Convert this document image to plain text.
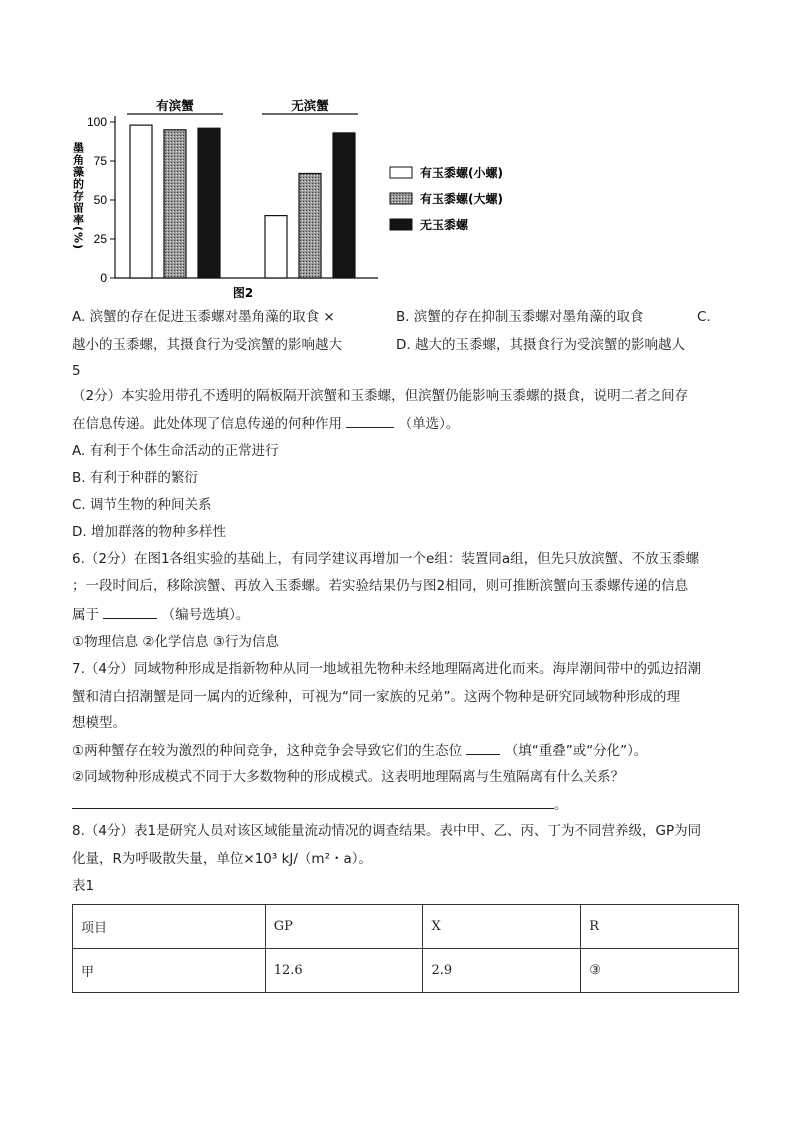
0
25
50
75
100
墨角藻的存留率(%)
有滨蟹	无滨蟹
图2
有玉黍螺(小螺)
有玉黍螺(大螺)
无玉黍螺
A. 滨蟹的存在促进玉黍螺对墨角藻的取食 ×	B. 滨蟹的存在抑制玉黍螺对墨角藻的取食	C.
越小的玉黍螺，其摄食行为受滨蟹的影响越大	D. 越大的玉黍螺，其摄食行为受滨蟹的影响越人
5
（2分）本实验用带孔不透明的隔板隔开滨蟹和玉黍螺，但滨蟹仍能影响玉黍螺的摄食，说明二者之间存
在信息传递。此处体现了信息传递的何种作用	（单选）。
A. 有利于个体生命活动的正常进行
B. 有利于种群的繁衍
C. 调节生物的种间关系
D. 增加群落的物种多样性
6.（2分）在图1各组实验的基础上，有同学建议再增加一个e组：装置同a组，但先只放滨蟹、不放玉黍螺
；一段时间后，移除滨蟹、再放入玉黍螺。若实验结果仍与图2相同，则可推断滨蟹向玉黍螺传递的信息
属于	（编号选填）。
①物理信息 ②化学信息 ③行为信息
7.（4分）同域物种形成是指新物种从同一地域祖先物种未经地理隔离进化而来。海岸潮间带中的弧边招潮
蟹和清白招潮蟹是同一属内的近缘种，可视为“同一家族的兄弟”。这两个物种是研究同域物种形成的理
想模型。
①两种蟹存在较为激烈的种间竞争，这种竞争会导致它们的生态位	（填“重叠”或“分化”）。
②同域物种形成模式不同于大多数物种的形成模式。这表明地理隔离与生殖隔离有什么关系？
。
8.（4分）表1是研究人员对该区域能量流动情况的调查结果。表中甲、乙、丙、丁为不同营养级，GP为同
化量，R为呼吸散失量，单位×10³ kJ/（m²・a）。
表1
项目	GP	X	R
甲	12.6	2.9	③
